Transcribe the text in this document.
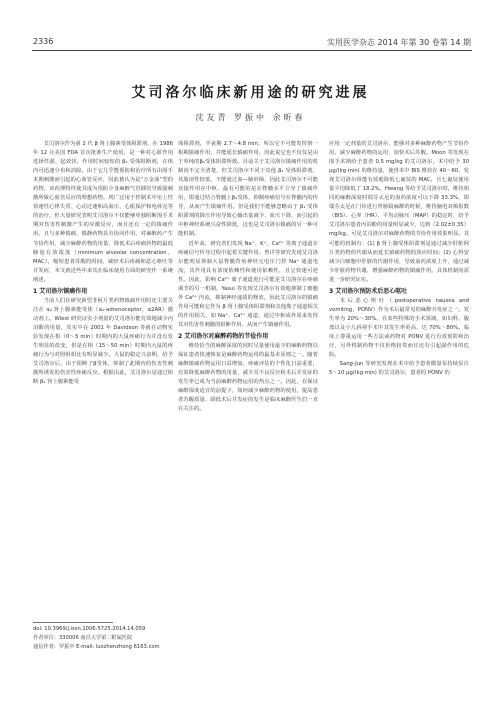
2336	实用医学杂志 2014 年第 30 卷第 14 期
艾司洛尔临床新用途的研究进展
沈友青 罗振中 余昕春

艾司洛尔作为第 2 代 β 肾上腺素受体阻滞剂，在 1986 年 12 月美国 FDA 首次批准生产使用，是一种对心脏作用选择性强、起效快、作用时间较短的 β₁ 受体阻断剂，在体内可迅速分布和消除。由于它几乎能预防和治疗所有由围手术期刺激而引起的心血管反应，因此被认为是“万金油”型的药物，该药理特性使其成为预防全身麻醉气管插管导致强刺激所致心血管反应的理想药物。现广泛用于控制术中室上性快速性心律失常、心动过速和高血压、心肌保护和电休克等的治疗，但大量研究表明艾司洛尔不仅能够单独阻断围手术期对伤害性刺激产生的应激反应，而且还有一定的镇痛作用，且与多种镇痛、镇静药物具有协同作用，对麻醉药产生节俭作用，减少麻醉药物的用量，降低术后疼痛药物的最低肺泡有效浓度（minimum alveolar concentration，MAC），缩短患者苏醒的时间，减轻术后疼痛和恶心呕吐等并发症，本文就近些年来其在临床使用方面的研究作一系统阐述。

1 艾司洛尔镇痛作用

当前人们在研究新型非阿片类药物镇痛作用时还主要关注在 α₂ 肾上腺素能受体（α₂-adrenoceptor，α2AR）激动剂上。Wiest 研究证实小剂量的艾司洛尔能有效地减少丙泊酚的用量，其实早在 2001 年 Davidson 等就在动物实验发现在相（0～5 min）时期内的大鼠疼痛行为并没有发生明显的改变，但是在相（15～50 min）时期内大鼠的疼痛行为与对照组相比有明显减少。大鼠的稳定兴奋期，给予艾司洛尔后，由于阻断了β受体，抑制了此期内的伤害性刺激所诱发的伤害性疼痛反应。根据由此，艾司洛尔是通过阻断 β₁ 肾上腺素能受

doi: 10.3969/j.issn.1006-5725.2014.14.059
作者单位：330006 南昌大学第二附属医院
通信作者：罗振中 E-mail: luozhenzhong 6163.com

体阻滞剂，半衰期 2.7～4.8 min，所以它不可能发挥到一相期镇痛作用，并能延长镇痛作用，因此说它也不仅仅是由于单纯的β₁受体阻滞所致。目前关于艾司洛尔镇痛作用的机制尚不完全清楚，但艾司洛尔不同于其他 β₁ 受体阻滞剂，其脂溶性较低，不能通过血—脑屏障，因此艾司洛尔不可能直接作用在中枢，最有可能的是在脊髓水平介导了镇痛作用，即通过结合脊髓上β₁受体，抑制疼痛信号在脊髓内的传导，从而产生镇痛作用。但是我们不能够忽略由于 β₁ 受体阻滞剂的降压作用导致心输出量减少、血压下降，而引起的中枢神经系统兴奋性降低，这也是艾司洛尔镇痛的另一种可能机制。

近年来，研究者们发现 Na⁺、K⁺、Ca²⁺ 等离子通道在疼痛信号传导过程中起着关键作用。曾详等研究发现艾司洛尔能明显抑制大鼠脊髓背角神经元电压门控 Na⁺ 通道电流，其作用具有浓度依赖性和使用依赖性，且呈快速可逆性。因此，影响 Ca²⁺ 离子通道进行可能是艾司洛尔在疼痛调节的另一机制。Yasui 等发现艾司洛尔有效地抑制了细胞外 Ca²⁺ 内流，抑制神经递质的释放，因此艾司洛尔的镇痛作用可能和它作为 β 肾上腺受体阻滞剂和其他离子通道相关的作用相关，如 Na⁺、Ca²⁺ 通道，通过中枢或外周来发挥其对伤害性刺激的阻断作用，从而产生镇痛作用。

2 艾司洛尔对麻醉药物的节俭作用

维持恰当的麻醉深度的同时尽量使用最少的麻醉药物以保证患者快速恢复是麻醉药物运用的最基本原则之一。随着麻醉镇痛药物运用日益增加，疼痛评估的个性化日益重要，有效降低麻醉药物的用量，减少其不良反应和术后并发症的发生率已成为当前麻醉药物运用的热点之一。因此，在保证麻醉深度适宜的前提下，如何减少麻醉药物的使用，提高患者苏醒质量、降低术后并发症的发生是临床麻醉医生们一直在关注的。

应用一定剂量的艾司洛尔，能够对多种麻醉药物产生节俭作用，减少麻醉药物的运用，加快术后苏醒。Moon 等发现在围手术期给予患者 0.5 mg/kg 的艾司洛尔，术中给予 30 μg/(kg·min) 的维持量，使得术中 BIS 维持在 40～60，发现艾司洛尔组能有效地降低七氟烷的 MAC，且七氟烷使用量平均降低了 18.2%。Hwang 等给予艾司洛尔时，维持相同的麻醉深度时瑞芬太尼的血药浓度可以下降 33.3%，即瑞芬太尼在门诊进行胃肠镜麻醉的时候，维持脑电双频指数（BIS）、心率（HR）、平均动脉压（MAP）的稳定时，给予艾司洛尔患者丙泊酚的用量明显减少，达到（2.02±0.35）mg/kg。可见艾司洛尔对麻醉药物的节俭作用效果明显。其可能的机制有：(1) β 肾上腺受体阻滞剂是通过减少肝脏阿片类药物的代谢从而延长镇痛药物的效应时间；(2) 心得安减少白细胞中肝脏的代谢作用，导致血药浓度上升，通过减少肝脏药物代谢，增强麻醉药物的镇痛作用。具体机制尚需进一步研究证实。

3 艾司洛尔预防术后恶心呕吐

术后恶心呕吐（postoperative nausea and vomiting，PONV）作为术后最常见的麻醉并发症之一，发生率为 20%～30%。在某些特殊的手术领域，如妇科、腹部以及小儿斜视手术中其发生率更高，达 70%～80%。临床上尊重运用一些方法或药物对 PONV 进行有效预防和治疗，另外机制药物不仅价格较贵而且还有引起副作用的危险。

Sang-Jun 等研究发现在术中给予患者微量泵持续泵注 5～10 μg/(kg·min) 的艾司洛尔，患者的 PONV 的
